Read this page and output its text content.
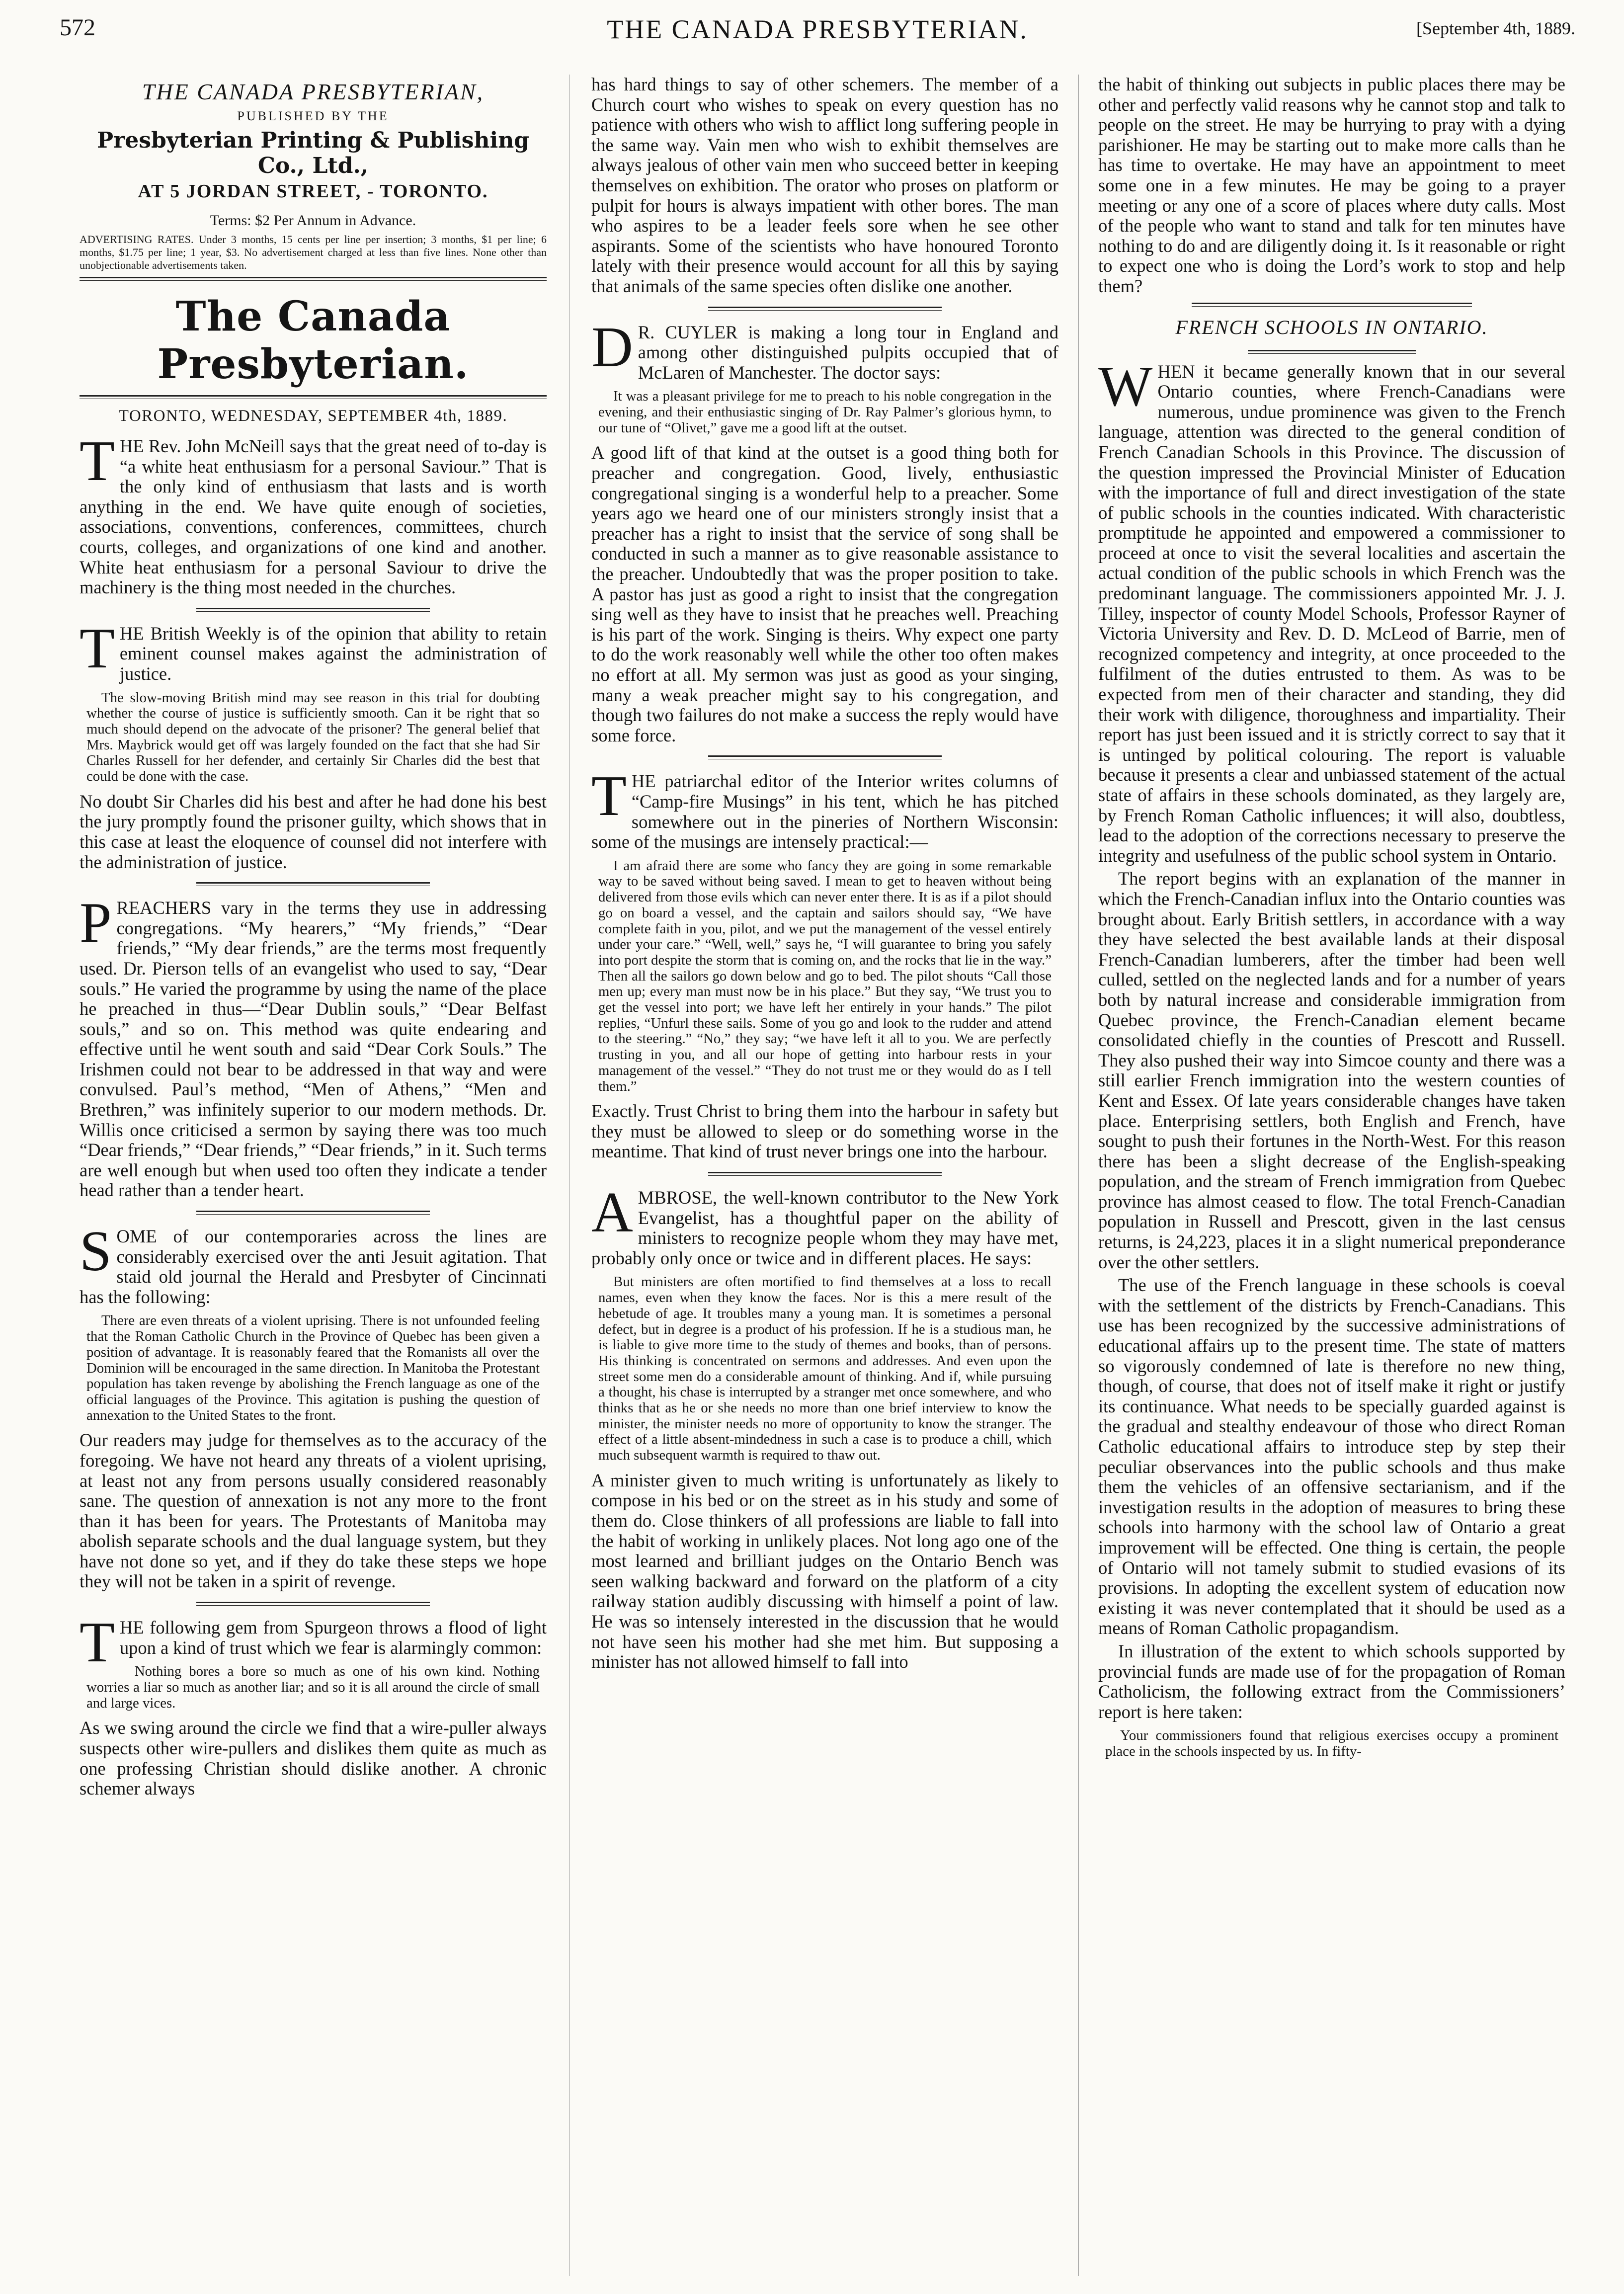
572	THE CANADA PRESBYTERIAN.	[September 4th, 1889.
THE CANADA PRESBYTERIAN,
PUBLISHED BY THE
Presbyterian Printing & Publishing Co., Ltd.,
AT 5 JORDAN STREET, - TORONTO.
Terms: $2 Per Annum in Advance.
ADVERTISING RATES. Under 3 months, 15 cents per line per insertion; 3 months, $1 per line; 6 months, $1.75 per line; 1 year, $3. No advertisement charged at less than five lines. None other than unobjectionable advertisements taken.
The Canada Presbyterian.
TORONTO, WEDNESDAY, SEPTEMBER 4th, 1889.

THE Rev. John McNeill says that the great need of to-day is “a white heat enthusiasm for a personal Saviour.” That is the only kind of enthusiasm that lasts and is worth anything in the end. We have quite enough of societies, associations, conventions, conferences, committees, church courts, colleges, and organizations of one kind and another. White heat enthusiasm for a personal Saviour to drive the machinery is the thing most needed in the churches.

THE British Weekly is of the opinion that ability to retain eminent counsel makes against the administration of justice.

The slow-moving British mind may see reason in this trial for doubting whether the course of justice is sufficiently smooth. Can it be right that so much should depend on the advocate of the prisoner? The general belief that Mrs. Maybrick would get off was largely founded on the fact that she had Sir Charles Russell for her defender, and certainly Sir Charles did the best that could be done with the case.

No doubt Sir Charles did his best and after he had done his best the jury promptly found the prisoner guilty, which shows that in this case at least the eloquence of counsel did not interfere with the administration of justice.

PREACHERS vary in the terms they use in addressing congregations. “My hearers,” “My friends,” “Dear friends,” “My dear friends,” are the terms most frequently used. Dr. Pierson tells of an evangelist who used to say, “Dear souls.” He varied the programme by using the name of the place he preached in thus—“Dear Dublin souls,” “Dear Belfast souls,” and so on. This method was quite endearing and effective until he went south and said “Dear Cork Souls.” The Irishmen could not bear to be addressed in that way and were convulsed. Paul’s method, “Men of Athens,” “Men and Brethren,” was infinitely superior to our modern methods. Dr. Willis once criticised a sermon by saying there was too much “Dear friends,” “Dear friends,” “Dear friends,” in it. Such terms are well enough but when used too often they indicate a tender head rather than a tender heart.

SOME of our contemporaries across the lines are considerably exercised over the anti Jesuit agitation. That staid old journal the Herald and Presbyter of Cincinnati has the following:

There are even threats of a violent uprising. There is not unfounded feeling that the Roman Catholic Church in the Province of Quebec has been given a position of advantage. It is reasonably feared that the Romanists all over the Dominion will be encouraged in the same direction. In Manitoba the Protestant population has taken revenge by abolishing the French language as one of the official languages of the Province. This agitation is pushing the question of annexation to the United States to the front.

Our readers may judge for themselves as to the accuracy of the foregoing. We have not heard any threats of a violent uprising, at least not any from persons usually considered reasonably sane. The question of annexation is not any more to the front than it has been for years. The Protestants of Manitoba may abolish separate schools and the dual language system, but they have not done so yet, and if they do take these steps we hope they will not be taken in a spirit of revenge.

THE following gem from Spurgeon throws a flood of light upon a kind of trust which we fear is alarmingly common:

Nothing bores a bore so much as one of his own kind. Nothing worries a liar so much as another liar; and so it is all around the circle of small and large vices.

As we swing around the circle we find that a wire-puller always suspects other wire-pullers and dislikes them quite as much as one professing Christian should dislike another. A chronic schemer always

has hard things to say of other schemers. The member of a Church court who wishes to speak on every question has no patience with others who wish to afflict long suffering people in the same way. Vain men who wish to exhibit themselves are always jealous of other vain men who succeed better in keeping themselves on exhibition. The orator who proses on platform or pulpit for hours is always impatient with other bores. The man who aspires to be a leader feels sore when he see other aspirants. Some of the scientists who have honoured Toronto lately with their presence would account for all this by saying that animals of the same species often dislike one another.

D R. CUYLER is making a long tour in England and among other distinguished pulpits occupied that of McLaren of Manchester. The doctor says:

It was a pleasant privilege for me to preach to his noble congregation in the evening, and their enthusiastic singing of Dr. Ray Palmer’s glorious hymn, to our tune of “Olivet,” gave me a good lift at the outset.

A good lift of that kind at the outset is a good thing both for preacher and congregation. Good, lively, enthusiastic congregational singing is a wonderful help to a preacher. Some years ago we heard one of our ministers strongly insist that a preacher has a right to insist that the service of song shall be conducted in such a manner as to give reasonable assistance to the preacher. Undoubtedly that was the proper position to take. A pastor has just as good a right to insist that the congregation sing well as they have to insist that he preaches well. Preaching is his part of the work. Singing is theirs. Why expect one party to do the work reasonably well while the other too often makes no effort at all. My sermon was just as good as your singing, many a weak preacher might say to his congregation, and though two failures do not make a success the reply would have some force.

THE patriarchal editor of the Interior writes columns of “Camp-fire Musings” in his tent, which he has pitched somewhere out in the pineries of Northern Wisconsin: some of the musings are intensely practical:—

I am afraid there are some who fancy they are going in some remarkable way to be saved without being saved. I mean to get to heaven without being delivered from those evils which can never enter there. It is as if a pilot should go on board a vessel, and the captain and sailors should say, “We have complete faith in you, pilot, and we put the management of the vessel entirely under your care.” “Well, well,” says he, “I will guarantee to bring you safely into port despite the storm that is coming on, and the rocks that lie in the way.” Then all the sailors go down below and go to bed. The pilot shouts “Call those men up; every man must now be in his place.” But they say, “We trust you to get the vessel into port; we have left her entirely in your hands.” The pilot replies, “Unfurl these sails. Some of you go and look to the rudder and attend to the steering.” “No,” they say; “we have left it all to you. We are perfectly trusting in you, and all our hope of getting into harbour rests in your management of the vessel.” “They do not trust me or they would do as I tell them.”

Exactly. Trust Christ to bring them into the harbour in safety but they must be allowed to sleep or do something worse in the meantime. That kind of trust never brings one into the harbour.

AMBROSE, the well-known contributor to the New York Evangelist, has a thoughtful paper on the ability of ministers to recognize people whom they may have met, probably only once or twice and in different places. He says:

But ministers are often mortified to find themselves at a loss to recall names, even when they know the faces. Nor is this a mere result of the hebetude of age. It troubles many a young man. It is sometimes a personal defect, but in degree is a product of his profession. If he is a studious man, he is liable to give more time to the study of themes and books, than of persons. His thinking is concentrated on sermons and addresses. And even upon the street some men do a considerable amount of thinking. And if, while pursuing a thought, his chase is interrupted by a stranger met once somewhere, and who thinks that as he or she needs no more than one brief interview to know the minister, the minister needs no more of opportunity to know the stranger. The effect of a little absent-mindedness in such a case is to produce a chill, which much subsequent warmth is required to thaw out.

A minister given to much writing is unfortunately as likely to compose in his bed or on the street as in his study and some of them do. Close thinkers of all professions are liable to fall into the habit of working in unlikely places. Not long ago one of the most learned and brilliant judges on the Ontario Bench was seen walking backward and forward on the platform of a city railway station audibly discussing with himself a point of law. He was so intensely interested in the discussion that he would not have seen his mother had she met him. But supposing a minister has not allowed himself to fall into

the habit of thinking out subjects in public places there may be other and perfectly valid reasons why he cannot stop and talk to people on the street. He may be hurrying to pray with a dying parishioner. He may be starting out to make more calls than he has time to overtake. He may have an appointment to meet some one in a few minutes. He may be going to a prayer meeting or any one of a score of places where duty calls. Most of the people who want to stand and talk for ten minutes have nothing to do and are diligently doing it. Is it reasonable or right to expect one who is doing the Lord’s work to stop and help them?

FRENCH SCHOOLS IN ONTARIO.

WHEN it became generally known that in our several Ontario counties, where French-Canadians were numerous, undue prominence was given to the French language, attention was directed to the general condition of French Canadian Schools in this Province. The discussion of the question impressed the Provincial Minister of Education with the importance of full and direct investigation of the state of public schools in the counties indicated. With characteristic promptitude he appointed and empowered a commissioner to proceed at once to visit the several localities and ascertain the actual condition of the public schools in which French was the predominant language. The commissioners appointed Mr. J. J. Tilley, inspector of county Model Schools, Professor Rayner of Victoria University and Rev. D. D. McLeod of Barrie, men of recognized competency and integrity, at once proceeded to the fulfilment of the duties entrusted to them. As was to be expected from men of their character and standing, they did their work with diligence, thoroughness and impartiality. Their report has just been issued and it is strictly correct to say that it is untinged by political colouring. The report is valuable because it presents a clear and unbiassed statement of the actual state of affairs in these schools dominated, as they largely are, by French Roman Catholic influences; it will also, doubtless, lead to the adoption of the corrections necessary to preserve the integrity and usefulness of the public school system in Ontario.

The report begins with an explanation of the manner in which the French-Canadian influx into the Ontario counties was brought about. Early British settlers, in accordance with a way they have selected the best available lands at their disposal French-Canadian lumberers, after the timber had been well culled, settled on the neglected lands and for a number of years both by natural increase and considerable immigration from Quebec province, the French-Canadian element became consolidated chiefly in the counties of Prescott and Russell. They also pushed their way into Simcoe county and there was a still earlier French immigration into the western counties of Kent and Essex. Of late years considerable changes have taken place. Enterprising settlers, both English and French, have sought to push their fortunes in the North-West. For this reason there has been a slight decrease of the English-speaking population, and the stream of French immigration from Quebec province has almost ceased to flow. The total French-Canadian population in Russell and Prescott, given in the last census returns, is 24,223, places it in a slight numerical preponderance over the other settlers.

The use of the French language in these schools is coeval with the settlement of the districts by French-Canadians. This use has been recognized by the successive administrations of educational affairs up to the present time. The state of matters so vigorously condemned of late is therefore no new thing, though, of course, that does not of itself make it right or justify its continuance. What needs to be specially guarded against is the gradual and stealthy endeavour of those who direct Roman Catholic educational affairs to introduce step by step their peculiar observances into the public schools and thus make them the vehicles of an offensive sectarianism, and if the investigation results in the adoption of measures to bring these schools into harmony with the school law of Ontario a great improvement will be effected. One thing is certain, the people of Ontario will not tamely submit to studied evasions of its provisions. In adopting the excellent system of education now existing it was never contemplated that it should be used as a means of Roman Catholic propagandism.

In illustration of the extent to which schools supported by provincial funds are made use of for the propagation of Roman Catholicism, the following extract from the Commissioners’ report is here taken:

Your commissioners found that religious exercises occupy a prominent place in the schools inspected by us. In fifty-
